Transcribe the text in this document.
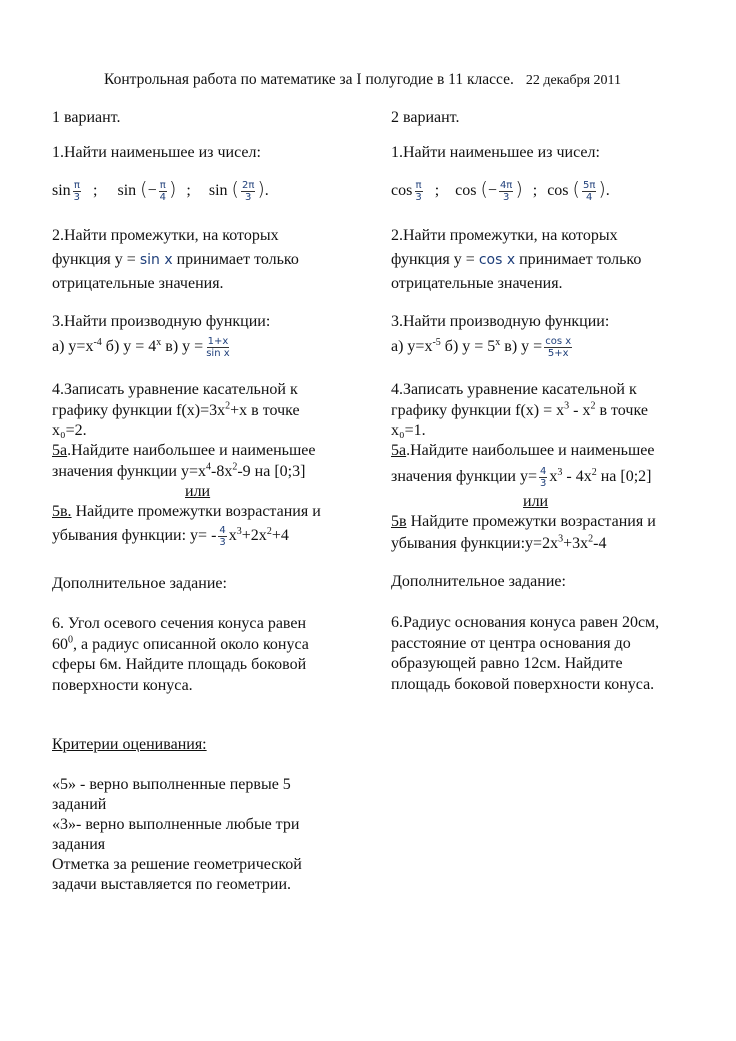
Контрольная работа по математике за I полугодие в 11 классе. 22 декабря 2011
1 вариант.
1.Найти наименьшее из чисел:
$\sin \frac{\pi}{3}$ ; sin (− $\frac{\pi}{4}$ ) ; sin ( $\frac{2\pi}{3}$ ).
2.Найти промежутки, на которых
функция у = sin x принимает только
отрицательные значения.
3.Найти производную функции:
а) $у=х^{-4}$ б) $у = 4^x$ в) $у = \frac{1+x}{\text{sin x}}$
4.Записать уравнение касательной к
графику функции $f(x)=3x^2+x$ в точке
x₀=2.
5а.Найдите наибольшее и наименьшее
значения функции $у=х^4-8х^2-9$ на [0;3]
или
5в. Найдите промежутки возрастания и
убывания функции: $у= - \frac{4}{3} х^3+2х^2+4$
Дополнительное задание:
6. Угол осевого сечения конуса равен
$60^0$, а радиус описанной около конуса
сферы 6м. Найдите площадь боковой
поверхности конуса.
Критерии оценивания:
«5» - верно выполненные первые 5
заданий
«3»- верно выполненные любые три
задания
Отметка за решение геометрической
задачи выставляется по геометрии.
2 вариант.
1.Найти наименьшее из чисел:
$\cos \frac{\pi}{3}$ ; cos (− $\frac{4\pi}{3}$ ) ; cos ( $\frac{5\pi}{4}$ ).
2.Найти промежутки, на которых
функция у = cos x принимает только
отрицательные значения.
3.Найти производную функции:
а) $у=х^{-5}$ б) $у = 5^x$ в) $у = \frac{\text{cos x}}{5+x}$
4.Записать уравнение касательной к
графику функции $f(x) = x^3 - x^2$ в точке
x₀=1.
5а.Найдите наибольшее и наименьшее
значения функции $у= \frac{4}{3} х^3 - 4х^2$ на [0;2]
или
5в Найдите промежутки возрастания и
убывания $функции:у=2х^3+3х^2-4$
Дополнительное задание:
6.Радиус основания конуса равен 20см,
расстояние от центра основания до
образующей равно 12см. Найдите
площадь боковой поверхности конуса.
